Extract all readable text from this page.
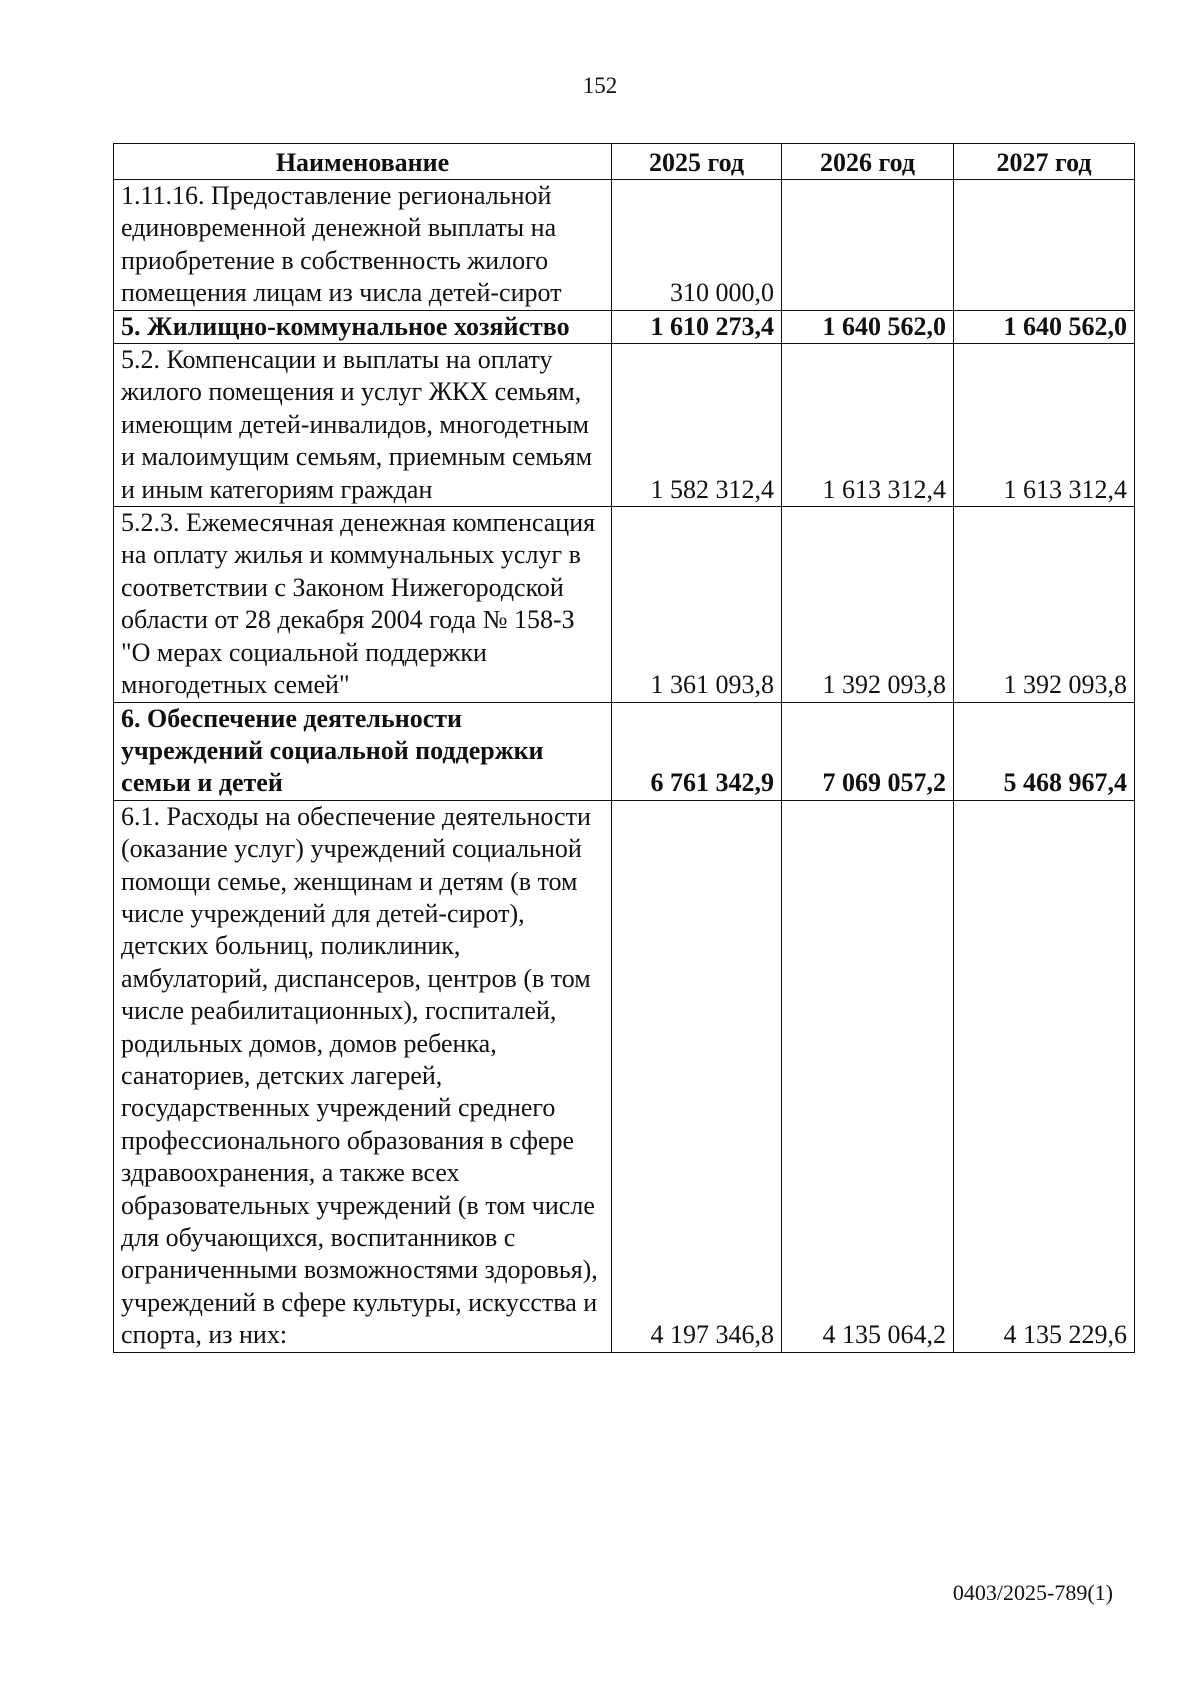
152
Наименование	2025 год	2026 год	2027 год
1.11.16. Предоставление региональной единовременной денежной выплаты на приобретение в собственность жилого помещения лицам из числа детей-сирот	310 000,0		
5. Жилищно-коммунальное хозяйство	1 610 273,4	1 640 562,0	1 640 562,0
5.2. Компенсации и выплаты на оплату жилого помещения и услуг ЖКХ семьям, имеющим детей-инвалидов, многодетным и малоимущим семьям, приемным семьям и иным категориям граждан	1 582 312,4	1 613 312,4	1 613 312,4
5.2.3. Ежемесячная денежная компенсация на оплату жилья и коммунальных услуг в соответствии с Законом Нижегородской области от 28 декабря 2004 года № 158-З "О мерах социальной поддержки многодетных семей"	1 361 093,8	1 392 093,8	1 392 093,8
6. Обеспечение деятельности учреждений социальной поддержки семьи и детей	6 761 342,9	7 069 057,2	5 468 967,4
6.1. Расходы на обеспечение деятельности (оказание услуг) учреждений социальной помощи семье, женщинам и детям (в том числе учреждений для детей-сирот), детских больниц, поликлиник, амбулаторий, диспансеров, центров (в том числе реабилитационных), госпиталей, родильных домов, домов ребенка, санаториев, детских лагерей, государственных учреждений среднего профессионального образования в сфере здравоохранения, а также всех образовательных учреждений (в том числе для обучающихся, воспитанников с ограниченными возможностями здоровья), учреждений в сфере культуры, искусства и спорта, из них:	4 197 346,8	4 135 064,2	4 135 229,6
0403/2025-789(1)
